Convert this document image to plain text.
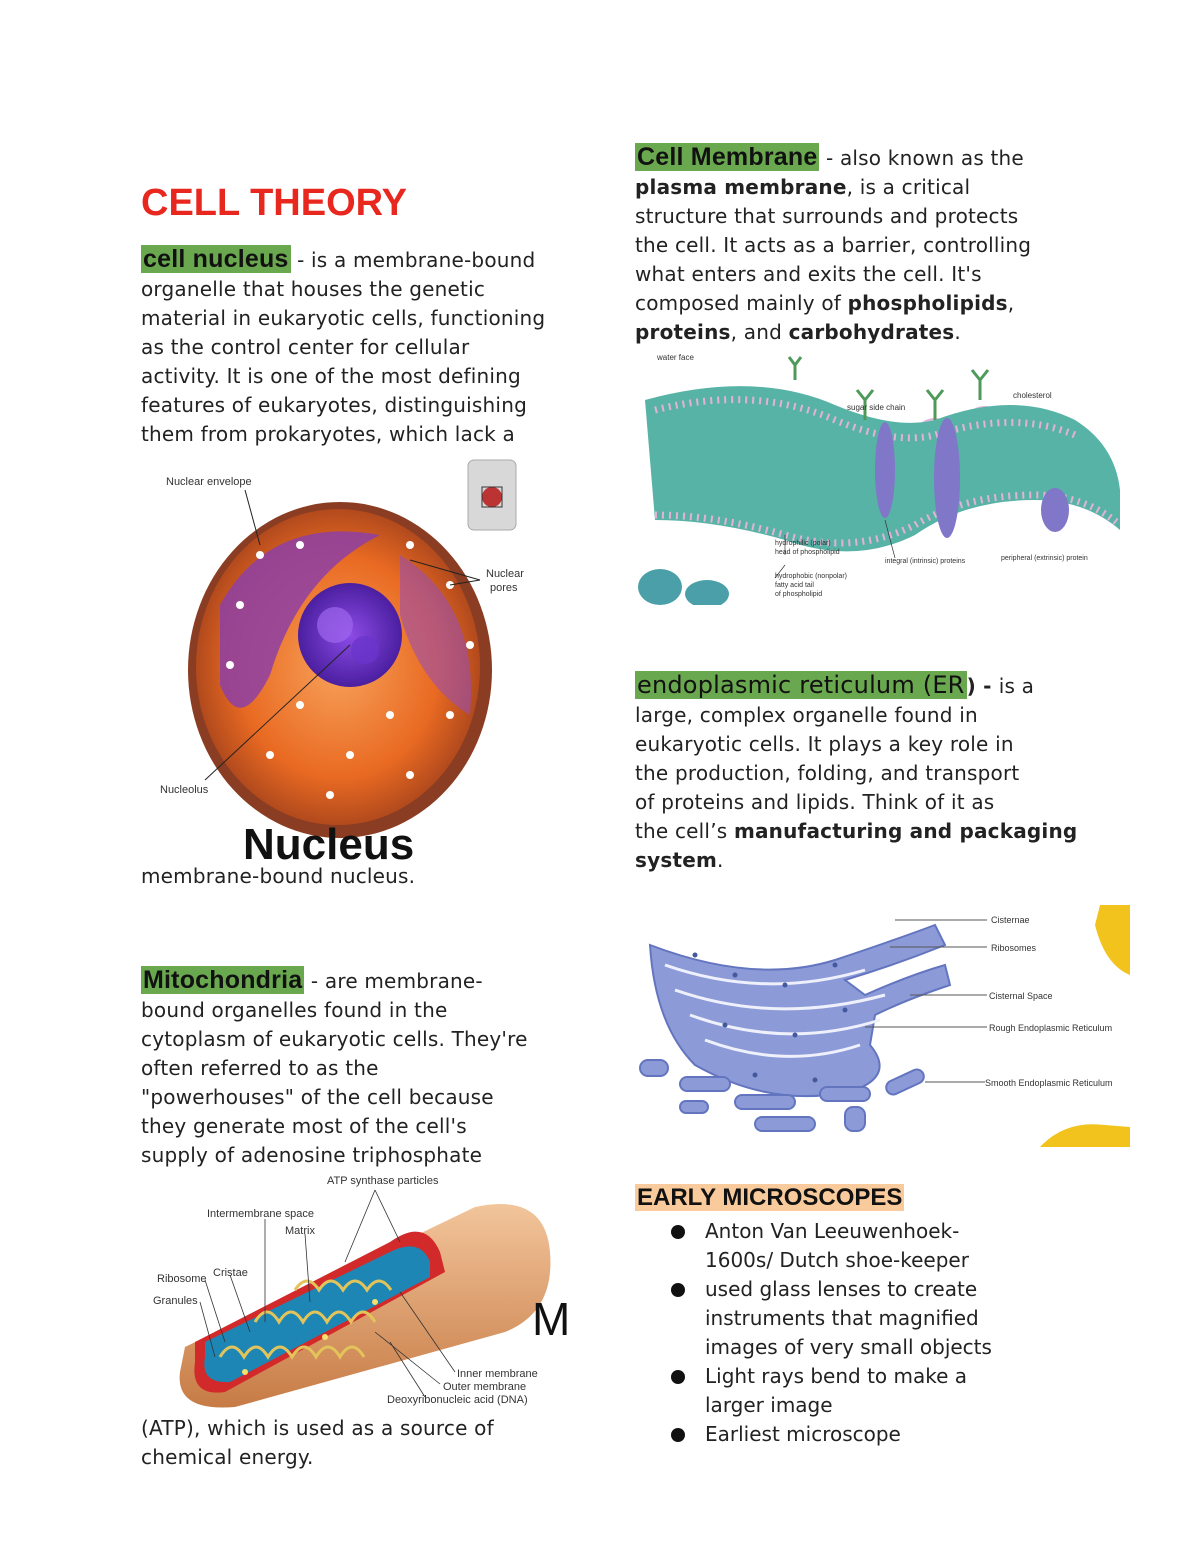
CELL THEORY
cell nucleus - is a membrane-bound
organelle that houses the genetic
material in eukaryotic cells, functioning
as the control center for cellular
activity. It is one of the most defining
features of eukaryotes, distinguishing
them from prokaryotes, which lack a
Nuclear envelope
Nuclear
pores
Nucleolus
Nucleus
membrane-bound nucleus.
Mitochondria - are membrane-
bound organelles found in the
cytoplasm of eukaryotic cells. They're
often referred to as the
"powerhouses" of the cell because
they generate most of the cell's
supply of adenosine triphosphate
ATP synthase particles
Intermembrane space
Matrix
Ribosome Cristae
Granules
Inner membrane
Outer membrane
Deoxyribonucleic acid (DNA)
M
(ATP), which is used as a source of
chemical energy.
Cell Membrane - also known as the
plasma membrane, is a critical
structure that surrounds and protects
the cell. It acts as a barrier, controlling
what enters and exits the cell. It's
composed mainly of phospholipids,
proteins, and carbohydrates.
water face
sugar side chain
cholesterol
hydrophilic (polar)
head of phospholipid
integral (intrinsic) proteins	peripheral (extrinsic) protein
hydrophobic (nonpolar)
fatty acid tail
of phospholipid
endoplasmic reticulum (ER ) - is a
large, complex organelle found in
eukaryotic cells. It plays a key role in
the production, folding, and transport
of proteins and lipids. Think of it as
the cell’s manufacturing and packaging
system.
Cisternae
Ribosomes
Cisternal Space
Rough Endoplasmic Reticulum
Smooth Endoplasmic Reticulum
EARLY MICROSCOPES
Anton Van Leeuwenhoek-
1600s/ Dutch shoe-keeper
used glass lenses to create
instruments that magnified
images of very small objects
Light rays bend to make a
larger image
Earliest microscope
